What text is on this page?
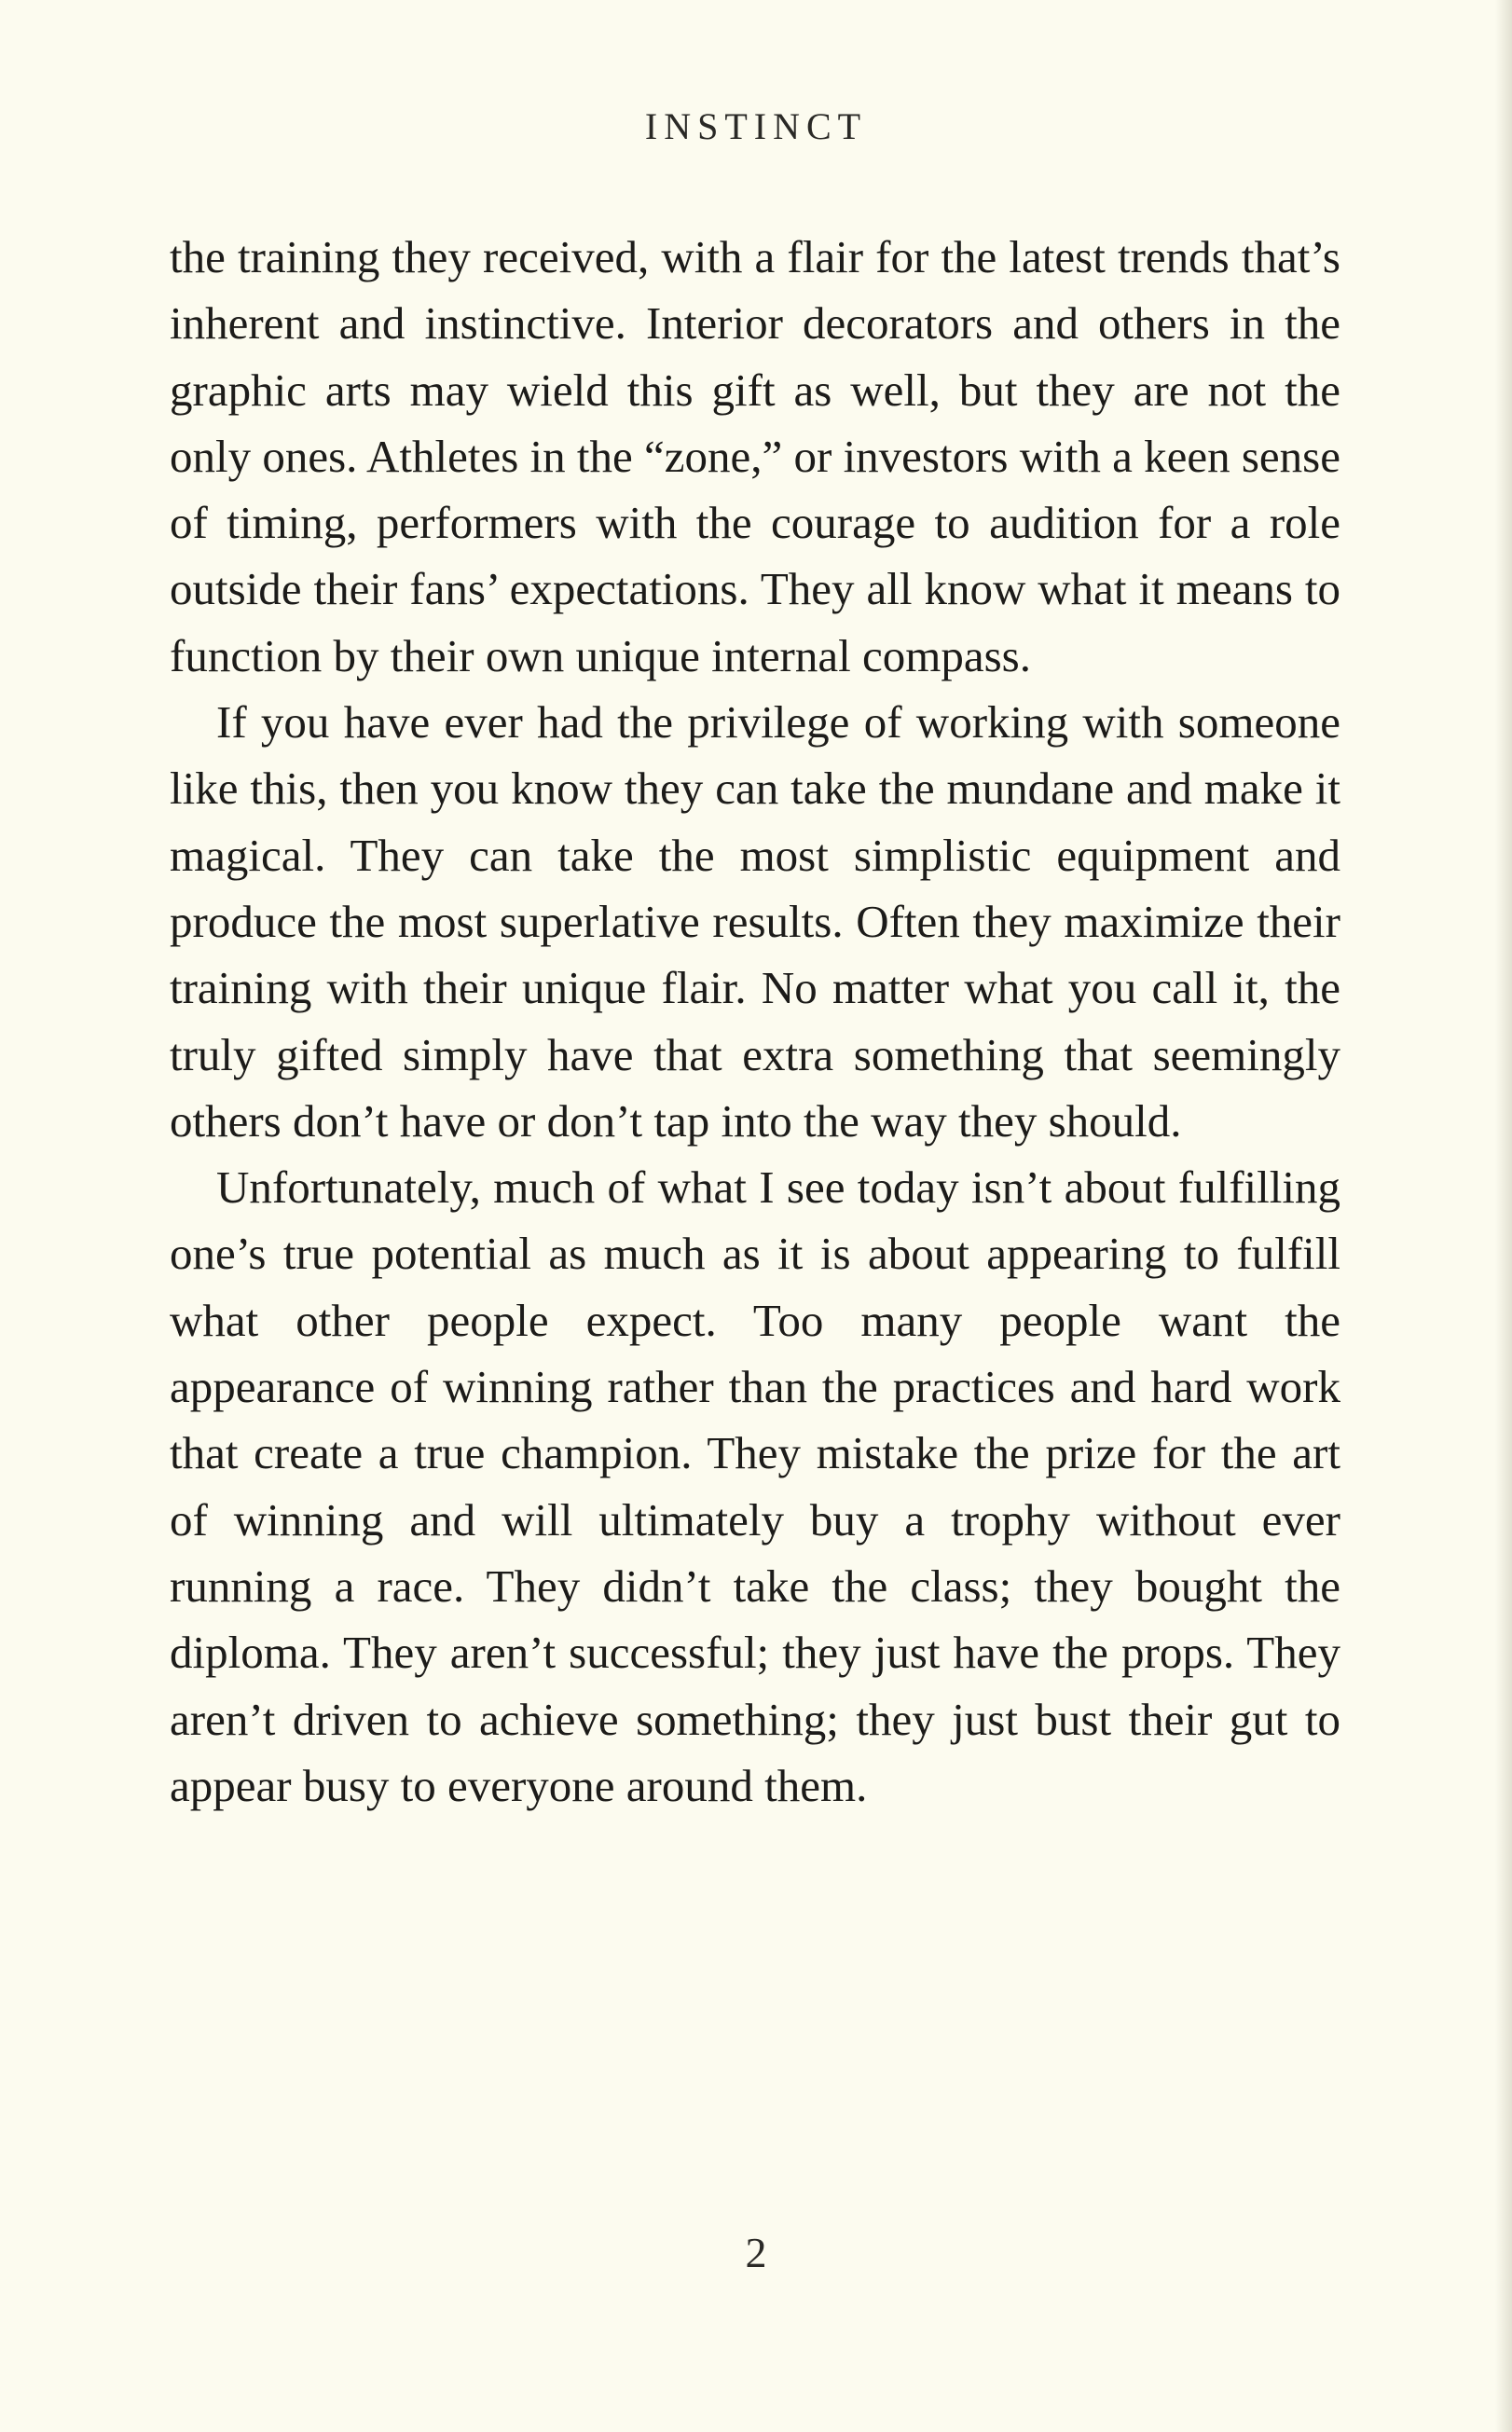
INSTINCT

the training they received, with a flair for the latest trends that’s inherent and instinctive. Interior decorators and others in the graphic arts may wield this gift as well, but they are not the only ones. Athletes in the “zone,” or investors with a keen sense of timing, performers with the courage to audition for a role outside their fans’ expectations. They all know what it means to function by their own unique internal compass.

If you have ever had the privilege of working with someone like this, then you know they can take the mundane and make it magical. They can take the most simplistic equipment and produce the most superlative results. Often they maximize their training with their unique flair. No matter what you call it, the truly gifted simply have that extra something that seemingly others don’t have or don’t tap into the way they should.

Unfortunately, much of what I see today isn’t about fulfilling one’s true potential as much as it is about appearing to fulfill what other people expect. Too many people want the appearance of winning rather than the practices and hard work that create a true champion. They mistake the prize for the art of winning and will ultimately buy a trophy without ever running a race. They didn’t take the class; they bought the diploma. They aren’t successful; they just have the props. They aren’t driven to achieve something; they just bust their gut to appear busy to everyone around them.

2
